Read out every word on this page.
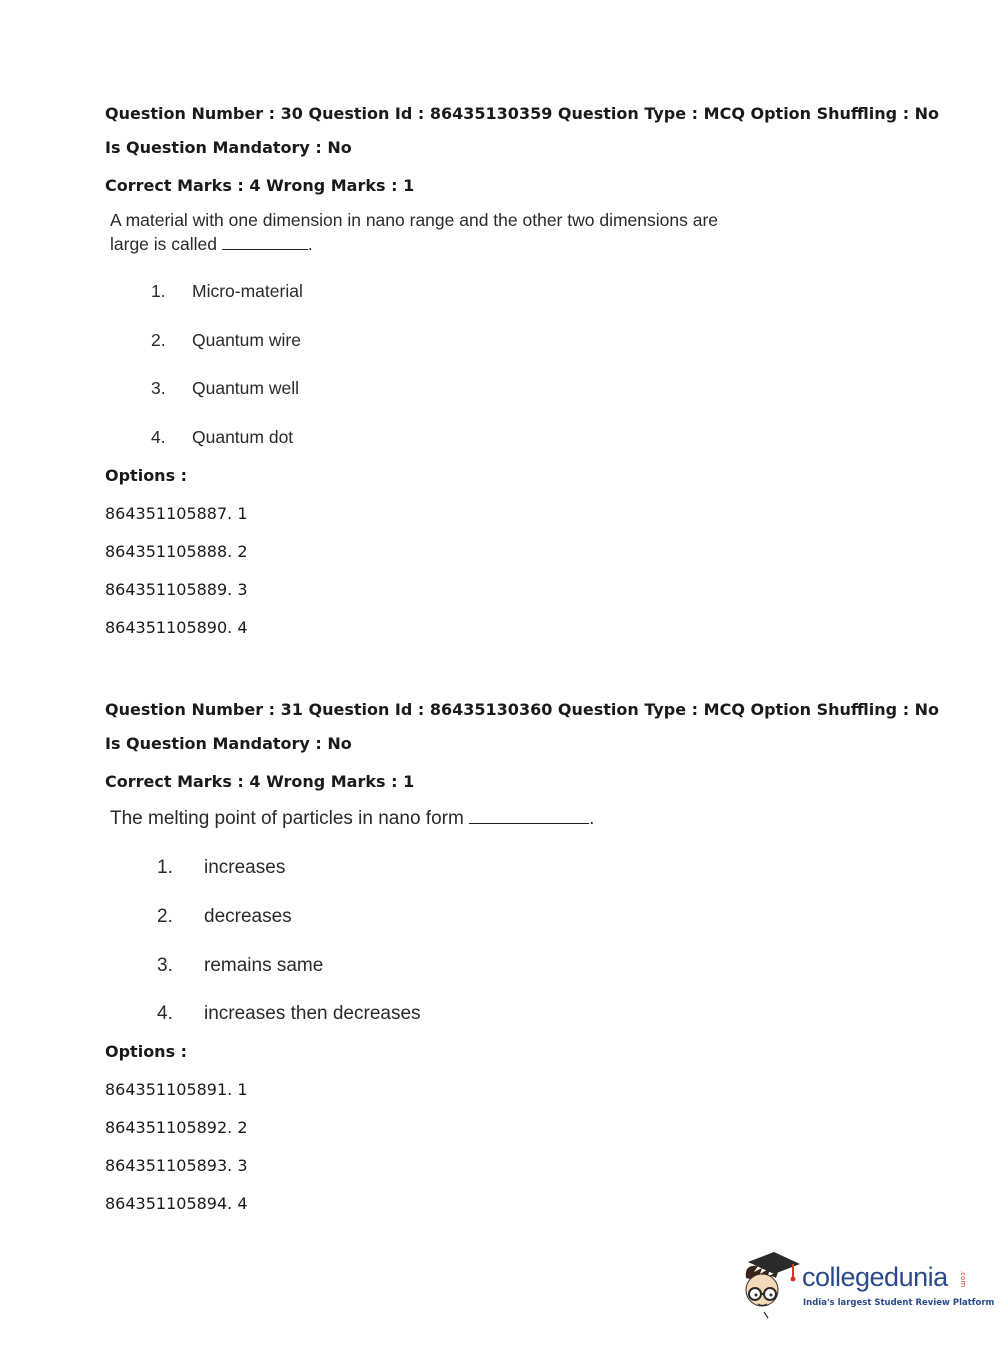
Question Number : 30 Question Id : 86435130359 Question Type : MCQ Option Shuffling : No
Is Question Mandatory : No
Correct Marks : 4 Wrong Marks : 1
A material with one dimension in nano range and the other two dimensions are
large is called	.
1. Micro-material
2. Quantum wire
3. Quantum well
4. Quantum dot
Options :
864351105887. 1
864351105888. 2
864351105889. 3
864351105890. 4
Question Number : 31 Question Id : 86435130360 Question Type : MCQ Option Shuffling : No
Is Question Mandatory : No
Correct Marks : 4 Wrong Marks : 1
The melting point of particles in nano form	.
1. increases
2. decreases
3. remains same
4. increases then decreases
Options :
864351105891. 1
864351105892. 2
864351105893. 3
864351105894. 4
collegedunia .com
India's largest Student Review Platform
